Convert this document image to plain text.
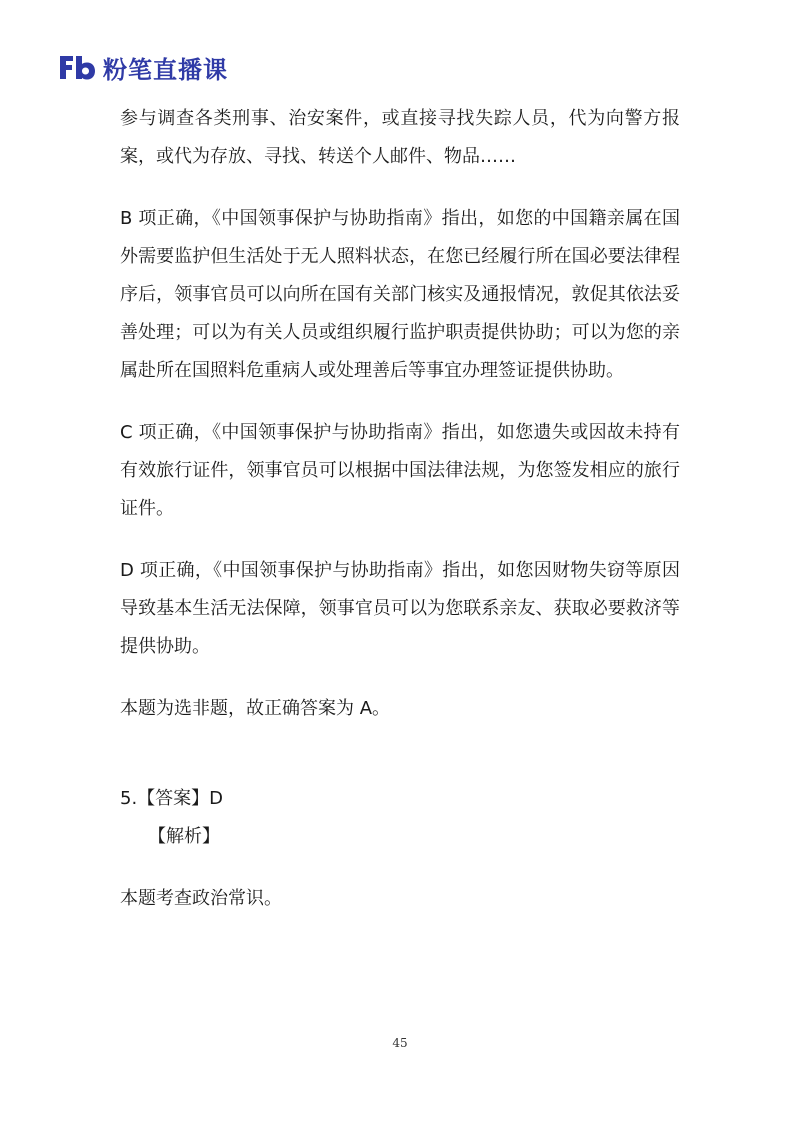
粉笔直播课

参与调查各类刑事、治安案件，或直接寻找失踪人员，代为向警方报案，或代为存放、寻找、转送个人邮件、物品……

B 项正确，《中国领事保护与协助指南》指出，如您的中国籍亲属在国外需要监护但生活处于无人照料状态，在您已经履行所在国必要法律程序后，领事官员可以向所在国有关部门核实及通报情况，敦促其依法妥善处理；可以为有关人员或组织履行监护职责提供协助；可以为您的亲属赴所在国照料危重病人或处理善后等事宜办理签证提供协助。

C 项正确，《中国领事保护与协助指南》指出，如您遗失或因故未持有有效旅行证件，领事官员可以根据中国法律法规，为您签发相应的旅行证件。

D 项正确，《中国领事保护与协助指南》指出，如您因财物失窃等原因导致基本生活无法保障，领事官员可以为您联系亲友、获取必要救济等提供协助。

本题为选非题，故正确答案为 A。

5.【答案】D

【解析】

本题考查政治常识。

45
